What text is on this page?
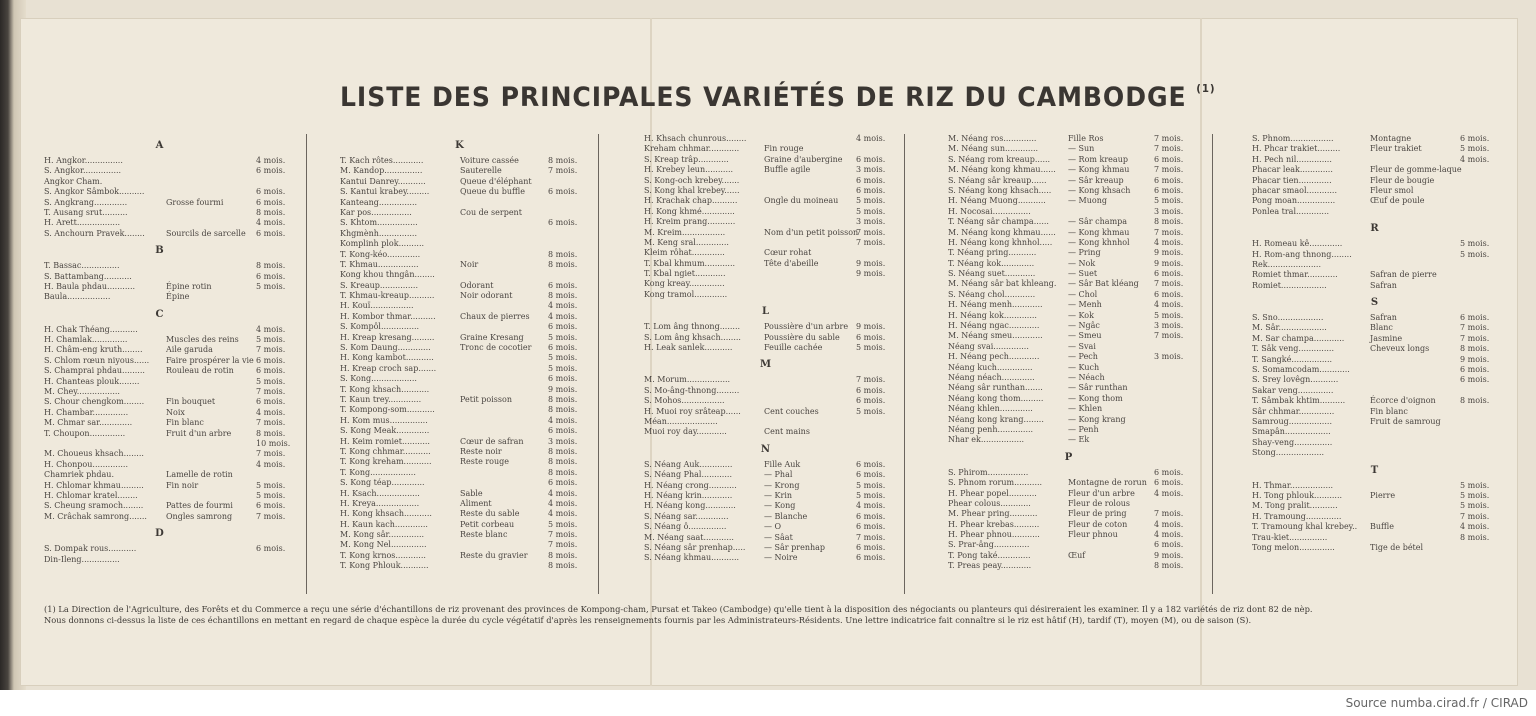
LISTE DES PRINCIPALES VARIÉTÉS DE RIZ DU CAMBODGE $^{(1)}$
A
H. Angkor...............	4 mois.
S. Angkor...............	6 mois.
Angkor Cham.
S. Angkor Sâmbok..........	6 mois.
S. Angkrang.............	Grosse fourmi	6 mois.
T. Ausang srut..........	8 mois.
H. Arett.................	4 mois.
S. Anchourn Pravek........	Sourcils de sarcelle	6 mois.
B
T. Bassac...............	8 mois.
S. Battambang...........	6 mois.
H. Baula phdau...........	Épine rotin	5 mois.
Baula.................	Épine
C
H. Chak Théang...........	4 mois.
H. Chamlak..............	Muscles des reins	5 mois.
H. Châm-eng kruth........	Aile garuda	7 mois.
S. Chlom rœun niyous......	Faire prospérer la vie 6 mois.
S. Champrai phdau.........	Rouleau de rotin	6 mois.
H. Chanteas plouk........	5 mois.
M. Chey.................	7 mois.
S. Chour chengkom........	Fin bouquet	6 mois.
H. Chambar..............	Noix	4 mois.
M. Chmar sar.............	Fin blanc	7 mois.
T. Choupon..............	Fruit d'un arbre	8 mois.
10 mois.
M. Choueus khsach........	7 mois.
H. Chonpou..............	4 mois.
Chamriek phdau.	Lamelle de rotin
H. Chlomar khmau.........	Fin noir	5 mois.
H. Chlomar kratel........	5 mois.
S. Cheung sramoch........	Pattes de fourmi	6 mois.
M. Crâchak samrong.......	Ongles samrong	7 mois.
D
S. Dompak rous...........	6 mois.
Din-Ileng...............
K
T. Kach rôtes............	Voiture cassée	8 mois.
M. Kandop...............	Sauterelle	7 mois.
Kantui Danrey...........	Queue d'éléphant
S. Kantui krabey.........	Queue du buffle	6 mois.
Kanteang...............
Kar pos................	Cou de serpent
S. Khtom................	6 mois.
Khgmènh...............
Komplinh plok..........
T. Kong-kéo.............	8 mois.
T. Khmau................	Noir	8 mois.
Kong khou thngân........
S. Kreaup...............	Odorant	6 mois.
T. Khmau-kreaup..........	Noir odorant	8 mois.
H. Kouï.................	4 mois.
H. Kombor thmar..........	Chaux de pierres	4 mois.
S. Kompôl...............	6 mois.
H. Kreap kresang.........	Graine Kresang	5 mois.
S. Kom Daung.............	Tronc de cocotier	6 mois.
H. Kong kambot...........	5 mois.
H. Kreap croch sap.......	5 mois.
S. Kong..................	6 mois.
T. Kong khsach...........	9 mois.
T. Kaun trey.............	Petit poisson	8 mois.
T. Kompong-som...........	8 mois.
H. Kom mus...............	4 mois.
S. Kong Meak.............	6 mois.
H. Keim romiet...........	Cœur de safran	3 mois.
T. Kong chhmar...........	Reste noir	8 mois.
T. Kong kreham...........	Reste rouge	8 mois.
T. Kong..................	8 mois.
S. Kong téap.............	6 mois.
H. Ksach.................	Sable	4 mois.
H. Kreya.................	Aliment	4 mois.
H. Kong khsach...........	Reste du sable	4 mois.
H. Kaun kach.............	Petit corbeau	5 mois.
M. Kong sâr..............	Reste blanc	7 mois.
M. Kong Nel..............	7 mois.
T. Kong krnos............	Reste du gravier	8 mois.
T. Kong Phlouk...........	8 mois.
H. Khsach chunrous........	4 mois.
Kreham chhmar............	Fin rouge
S. Kreap trâp............	Graine d'aubergine	6 mois.
H. Krebey leun...........	Buffle agile	3 mois.
S. Kong-och krebey.......	6 mois.
S. Kong khal krebey......	6 mois.
H. Krachak chap..........	Ongle du moineau	5 mois.
H. Kong khmé.............	5 mois.
H. Kreim prang...........	3 mois.
M. Kreim.................	Nom d'un petit poisson
7 mois.
M. Keng sral.............	7 mois.
Kleim rôhat.............	Cœur rohat
T. Kbal khmum............	Tête d'abeille	9 mois.
T. Kbal ngiet............	9 mois.
Kong kreay..............
Kong tramol.............
L
T. Lom âng thnong........	Poussière d'un arbre 9 mois.
S. Lom âng khsach........	Poussière du sable	6 mois.
H. Leak sanlek...........	Feuille cachée	5 mois.
M
M. Morum.................	7 mois.
S. Mo-âng-thnong.........	6 mois.
S. Mohos.................	6 mois.
H. Muoi roy srâteap......	Cent couches	5 mois.
Méan....................
Muoi roy day............	Cent mains
N
S. Néang Auk.............	Fille Auk	6 mois.
S. Néang Phal............	— Phal	6 mois.
H. Néang crong...........	— Krong	5 mois.
H. Néang krin............	— Krin	5 mois.
H. Néang kong............	— Kong	4 mois.
S. Néang sar.............	— Blanche	6 mois.
S. Néang ô...............	— O	6 mois.
M. Néang saat............	— Sâat	7 mois.
S. Néang sâr prenhap.....	— Sâr prenhap	6 mois.
S. Néang khmau...........	— Noire	6 mois.
M. Néang ros.............	Fille Ros	7 mois.
M. Néang sun.............	— Sun	7 mois.
S. Néang rom kreaup......	— Rom kreaup	6 mois.
M. Néang kong khmau......	— Kong khmau	7 mois.
S. Néang sâr kreaup......	— Sâr kreaup	6 mois.
S. Néang kong khsach.....	— Kong khsach	6 mois.
H. Néang Muong...........	— Muong	5 mois.
H. Nocosai...............	3 mois.
T. Néang sâr champa......	— Sâr champa	8 mois.
M. Néang kong khmau......	— Kong khmau	7 mois.
H. Néang kong khnhol.....	— Kong khnhol	4 mois.
T. Néang pring...........	— Pring	9 mois.
T. Néang kok.............	— Nok	9 mois.
S. Néang suet............	— Suet	6 mois.
M. Néang sâr bat khleang.	— Sâr Bat kléang	7 mois.
S. Néang chol............	— Chol	6 mois.
H. Néang menh............	— Menh	4 mois.
H. Néang kok.............	— Kok	5 mois.
H. Néang ngac............	— Ngâc	3 mois.
M. Néang smeu............	— Smeu	7 mois.
Néang svai..............	— Svai
H. Néang pech............	— Pech	3 mois.
Néang kuch..............	— Kuch
Néang néach.............	— Néach
Néang sâr runthan.......	— Sâr runthan
Néang kong thom.........	— Kong thom
Néang khlen.............	— Khlen
Néang kong krang........	— Kong krang
Néang penh..............	— Penh
Nhar ek.................	— Ek
P
S. Phirom................	6 mois.
S. Phnom rorum...........	Montagne de rorun 6 mois.
H. Phear popel...........	Fleur d'un arbre	4 mois.
Phear colous............	Fleur de rolous
M. Phear pring...........	Fleur de pring	7 mois.
H. Phear krebas..........	Fleur de coton	4 mois.
H. Phear phnou...........	Fleur phnou	4 mois.
S. Prar-âng..............	6 mois.
T. Pong také.............	Œuf	9 mois.
T. Preas peay............	8 mois.
S. Phnom.................	Montagne	6 mois.
H. Phcar trakiet.........	Fleur trakiet	5 mois.
H. Pech nil..............	4 mois.
Phacar leak.............	Fleur de gomme-laque
Phacar tien.............	Fleur de bougie
phacar smaol............	Fleur smol
Pong moan...............	Œuf de poule
Ponlea tral.............
R
H. Romeau kê.............	5 mois.
H. Rom-ang thnong........	5 mois.
Rek.....................
Romiet thmar............	Safran de pierre
Romiet..................	Safran
S
S. Sno..................	Safran	6 mois.
M. Sâr...................	Blanc	7 mois.
M. Sar champa............	Jasmine	7 mois.
T. Sâk veng..............	Cheveux longs	8 mois.
T. Sangké................	9 mois.
S. Somamcodam............	6 mois.
S. Srey lovêgn...........	6 mois.
Sakar veng..............
T. Sâmbak khtim..........	Écorce d'oignon	8 mois.
Sâr chhmar..............	Fin blanc
Samroug.................	Fruit de samroug
Smapân..................
Shay-veng...............
Stong...................
T
H. Thmar.................	5 mois.
H. Tong phlouk...........	Pierre	5 mois.
M. Tong pralit...........	5 mois.
H. Tramoung..............	7 mois.
T. Tramoung khal krebey..	Buffle	4 mois.
Trau-kiet...............	8 mois.
Tong melon..............	Tige de bétel

(1) La Direction de l'Agriculture, des Forêts et du Commerce a reçu une série d'échantillons de riz provenant des provinces de Kompong-cham, Pursat et Takeo (Cambodge) qu'elle tient à la disposition des négociants ou planteurs qui désireraient les examiner. Il y a 182 variétés de riz dont 82 de nèp.

Nous donnons ci-dessus la liste de ces échantillons en mettant en regard de chaque espèce la durée du cycle végétatif d'après les renseignements fournis par les Administrateurs-Résidents. Une lettre indicatrice fait connaître si le riz est hâtif (H), tardif (T), moyen (M), ou de saison (S).

Source numba.cirad.fr / CIRAD
